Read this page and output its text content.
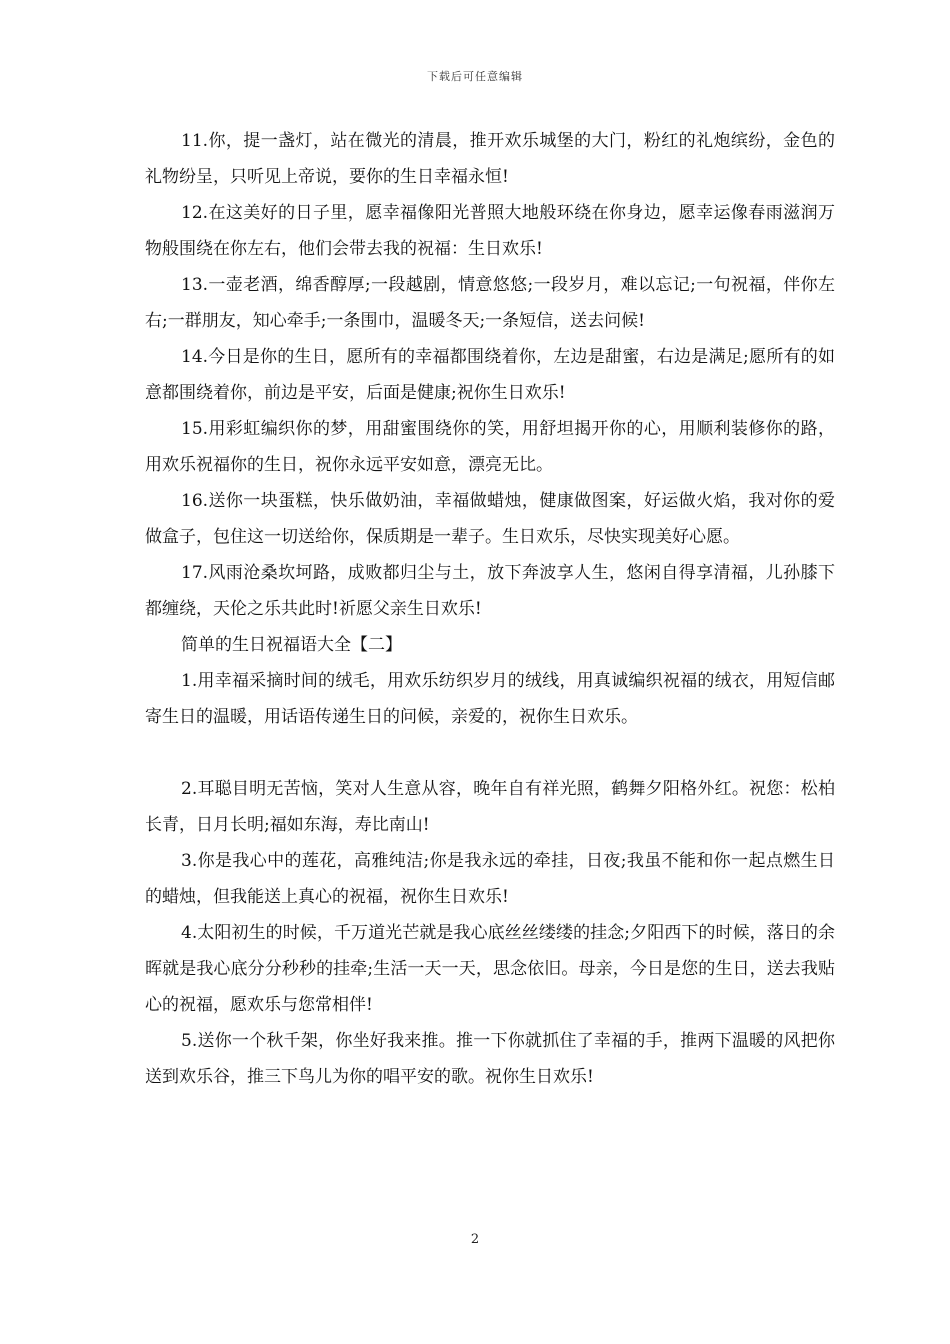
下载后可任意编辑

11.你，提一盏灯，站在微光的清晨，推开欢乐城堡的大门，粉红的礼炮缤纷，金色的礼物纷呈，只听见上帝说，要你的生日幸福永恒!

12.在这美好的日子里，愿幸福像阳光普照大地般环绕在你身边，愿幸运像春雨滋润万物般围绕在你左右，他们会带去我的祝福：生日欢乐!

13.一壶老酒，绵香醇厚;一段越剧，情意悠悠;一段岁月，难以忘记;一句祝福，伴你左右;一群朋友，知心牵手;一条围巾，温暖冬天;一条短信，送去问候!

14.今日是你的生日，愿所有的幸福都围绕着你，左边是甜蜜，右边是满足;愿所有的如意都围绕着你，前边是平安，后面是健康;祝你生日欢乐!

15.用彩虹编织你的梦，用甜蜜围绕你的笑，用舒坦揭开你的心，用顺利装修你的路，用欢乐祝福你的生日，祝你永远平安如意，漂亮无比。

16.送你一块蛋糕，快乐做奶油，幸福做蜡烛，健康做图案，好运做火焰，我对你的爱做盒子，包住这一切送给你，保质期是一辈子。生日欢乐，尽快实现美好心愿。

17.风雨沧桑坎坷路，成败都归尘与土，放下奔波享人生，悠闲自得享清福，儿孙膝下都缠绕，天伦之乐共此时!祈愿父亲生日欢乐!

简单的生日祝福语大全【二】

1.用幸福采摘时间的绒毛，用欢乐纺织岁月的绒线，用真诚编织祝福的绒衣，用短信邮寄生日的温暖，用话语传递生日的问候，亲爱的，祝你生日欢乐。

2.耳聪目明无苦恼，笑对人生意从容，晚年自有祥光照，鹤舞夕阳格外红。祝您：松柏长青，日月长明;福如东海，寿比南山!

3.你是我心中的莲花，高雅纯洁;你是我永远的牵挂，日夜;我虽不能和你一起点燃生日的蜡烛，但我能送上真心的祝福，祝你生日欢乐!

4.太阳初生的时候，千万道光芒就是我心底丝丝缕缕的挂念;夕阳西下的时候，落日的余晖就是我心底分分秒秒的挂牵;生活一天一天，思念依旧。母亲，今日是您的生日，送去我贴心的祝福，愿欢乐与您常相伴!

5.送你一个秋千架，你坐好我来推。推一下你就抓住了幸福的手，推两下温暖的风把你送到欢乐谷，推三下鸟儿为你的唱平安的歌。祝你生日欢乐!

2
